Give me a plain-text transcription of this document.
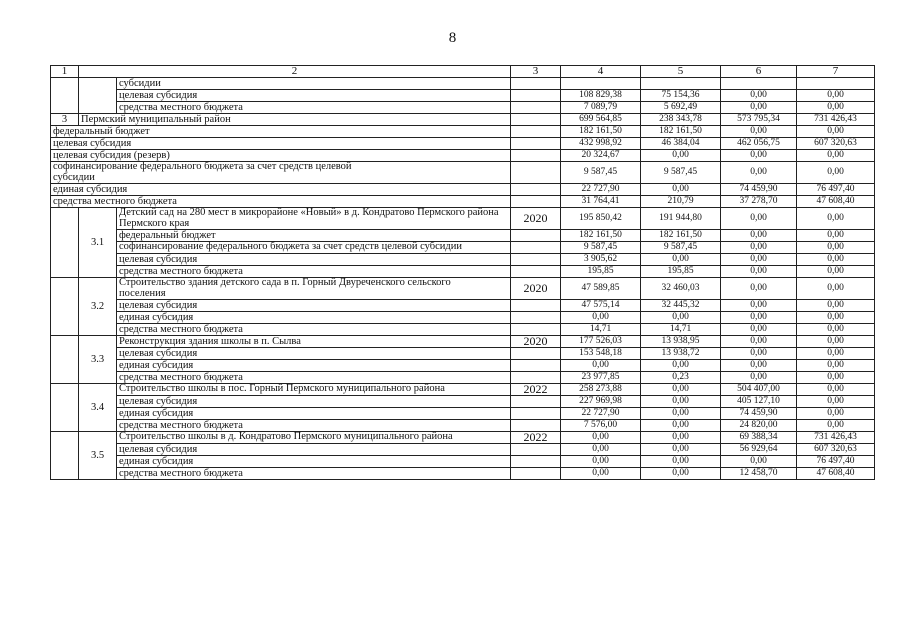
8
1	2		3	4	5	6	7
		субсидии					
		целевая субсидия		108 829,38	75 154,36	0,00	0,00
		средства местного бюджета		7 089,79	5 692,49	0,00	0,00
3	Пермский муниципальный район			699 564,85	238 343,78	573 795,34	731 426,43
федеральный бюджет				182 161,50	182 161,50	0,00	0,00
целевая субсидия				432 998,92	46 384,04	462 056,75	607 320,63
целевая субсидия (резерв)				20 324,67	0,00	0,00	0,00
софинансирование федерального бюджета за счет средств целевой субсидии				9 587,45	9 587,45	0,00	0,00
единая субсидия				22 727,90	0,00	74 459,90	76 497,40
средства местного бюджета				31 764,41	210,79	37 278,70	47 608,40
	3.1	Детский сад на 280 мест в микрорайоне «Новый» в д. Кондратово Пермского района Пермского края	2020	195 850,42	191 944,80	0,00	0,00
		федеральный бюджет		182 161,50	182 161,50	0,00	0,00
		софинансирование федерального бюджета за счет средств целевой субсидии		9 587,45	9 587,45	0,00	0,00
		целевая субсидия		3 905,62	0,00	0,00	0,00
		средства местного бюджета		195,85	195,85	0,00	0,00
	3.2	Строительство здания детского сада в п. Горный Двуреченского сельского поселения	2020	47 589,85	32 460,03	0,00	0,00
		целевая субсидия		47 575,14	32 445,32	0,00	0,00
		единая субсидия		0,00	0,00	0,00	0,00
		средства местного бюджета		14,71	14,71	0,00	0,00
	3.3	Реконструкция здания школы в п. Сылва	2020	177 526,03	13 938,95	0,00	0,00
		целевая субсидия		153 548,18	13 938,72	0,00	0,00
		единая субсидия		0,00	0,00	0,00	0,00
		средства местного бюджета		23 977,85	0,23	0,00	0,00
	3.4	Строительство школы в пос. Горный Пермского муниципального района	2022	258 273,88	0,00	504 407,00	0,00
		целевая субсидия		227 969,98	0,00	405 127,10	0,00
		единая субсидия		22 727,90	0,00	74 459,90	0,00
		средства местного бюджета		7 576,00	0,00	24 820,00	0,00
	3.5	Строительство школы в д. Кондратово Пермского муниципального района	2022	0,00	0,00	69 388,34	731 426,43
		целевая субсидия		0,00	0,00	56 929,64	607 320,63
		единая субсидия		0,00	0,00	0,00	76 497,40
		средства местного бюджета		0,00	0,00	12 458,70	47 608,40
